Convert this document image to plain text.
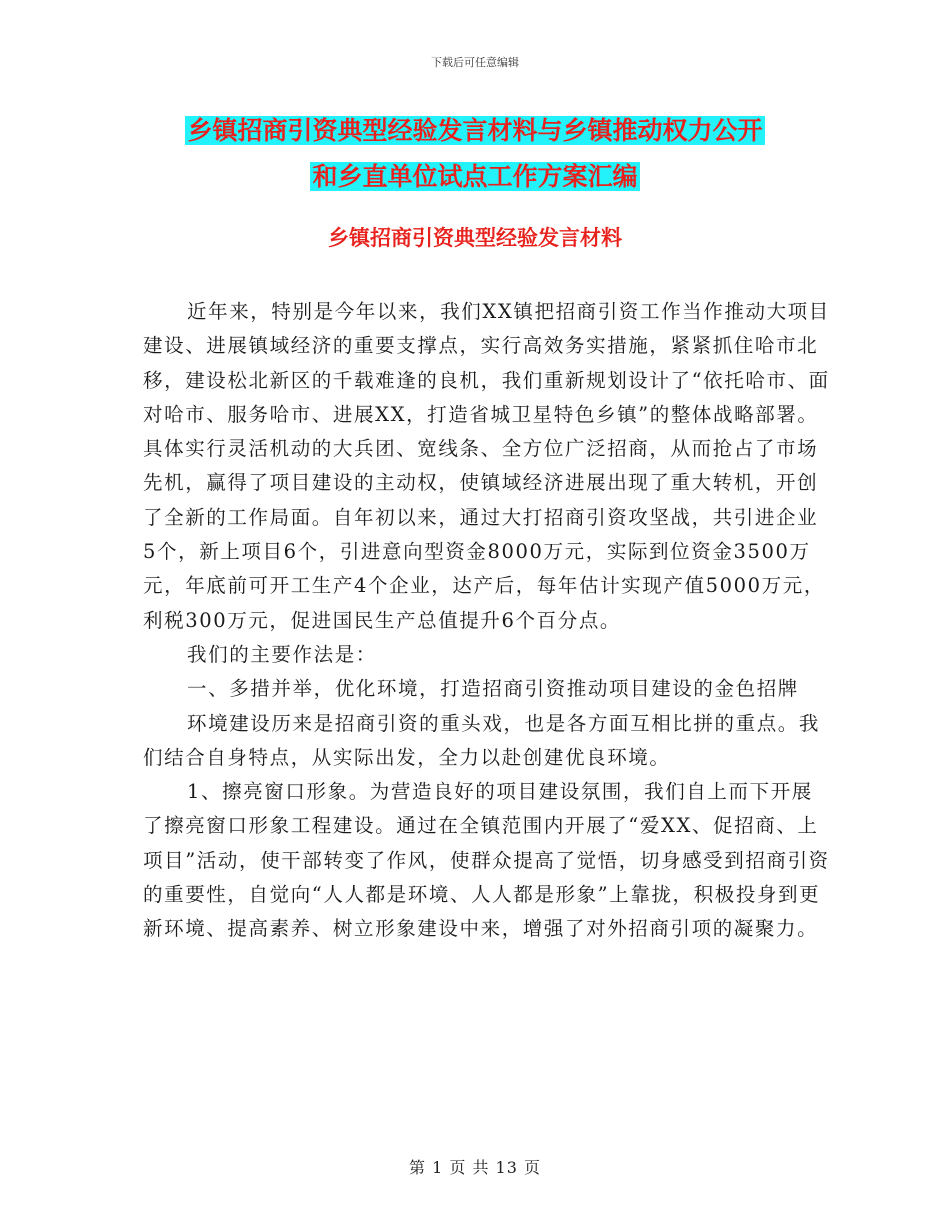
下载后可任意编辑
乡镇招商引资典型经验发言材料与乡镇推动权力公开
和乡直单位试点工作方案汇编
乡镇招商引资典型经验发言材料

近年来，特别是今年以来，我们XX镇把招商引资工作当作推动大项目建设、进展镇域经济的重要支撑点，实行高效务实措施，紧紧抓住哈市北移，建设松北新区的千载难逢的良机，我们重新规划设计了“依托哈市、面对哈市、服务哈市、进展XX，打造省城卫星特色乡镇”的整体战略部署。具体实行灵活机动的大兵团、宽线条、全方位广泛招商，从而抢占了市场先机，赢得了项目建设的主动权，使镇域经济进展出现了重大转机，开创了全新的工作局面。自年初以来，通过大打招商引资攻坚战，共引进企业5个，新上项目6个，引进意向型资金8000万元，实际到位资金3500万元，年底前可开工生产4个企业，达产后，每年估计实现产值5000万元，利税300万元，促进国民生产总值提升6个百分点。

我们的主要作法是：

一、多措并举，优化环境，打造招商引资推动项目建设的金色招牌

环境建设历来是招商引资的重头戏，也是各方面互相比拼的重点。我们结合自身特点，从实际出发，全力以赴创建优良环境。

1、擦亮窗口形象。为营造良好的项目建设氛围，我们自上而下开展了擦亮窗口形象工程建设。通过在全镇范围内开展了“爱XX、促招商、上项目”活动，使干部转变了作风，使群众提高了觉悟，切身感受到招商引资的重要性，自觉向“人人都是环境、人人都是形象”上靠拢，积极投身到更新环境、提高素养、树立形象建设中来，增强了对外招商引项的凝聚力。

第 1 页 共 13 页
